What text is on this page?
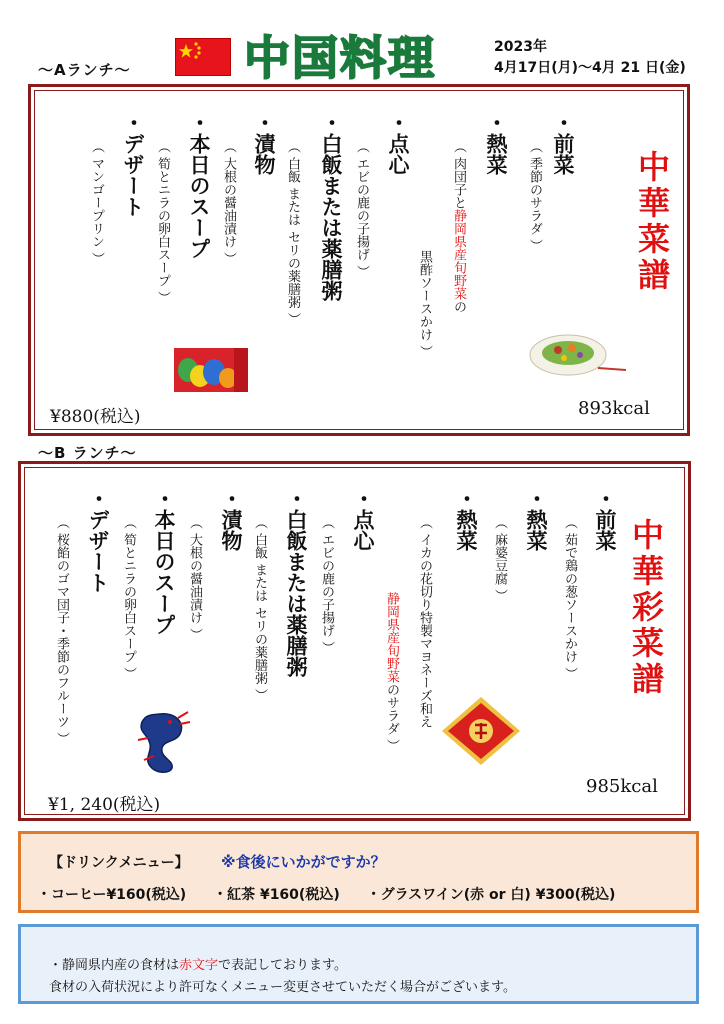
中国料理	2023年
4月17日(月)～4月 21 日(金)
～Aランチ～
中華菜譜
・前菜
（ 季節のサラダ ）
・熱菜
（ 肉団子と静岡県産旬野菜の
黒酢ソースかけ ）
・点心
（ エビの鹿の子揚げ ）
・白飯または薬膳粥
（ 白飯 または セリの薬膳粥 ）
・漬物
（ 大根の醤油漬け ）
・本日のスープ
（ 筍とニラの卵白スープ ）
・デザート
（ マンゴープリン ）
¥880(税込)	893kcal
～B ランチ～
中華彩菜譜
・前菜
（ 茹で鶏の葱ソースかけ ）
・熱菜
（ 麻婆豆腐 ）
・熱菜
（ イカの花切り特製マヨネーズ和え
静岡県産旬野菜のサラダ ）
・点心
（ エビの鹿の子揚げ ）
・白飯または薬膳粥
（ 白飯 または セリの薬膳粥 ）
・漬物
（ 大根の醤油漬け ）
・本日のスープ
（ 筍とニラの卵白スープ ）
・デザート
（ 桜餡のゴマ団子・季節のフルーツ ）
¥1, 240(税込)
985kcal
【ドリンクメニュー】 ※食後にいかがですか？
・コーヒー¥160(税込) ・紅茶 ¥160(税込) ・グラスワイン(赤 or 白) ¥300(税込)
・静岡県内産の食材は赤文字で表記しております。
食材の入荷状況により許可なくメニュー変更させていただく場合がございます。
